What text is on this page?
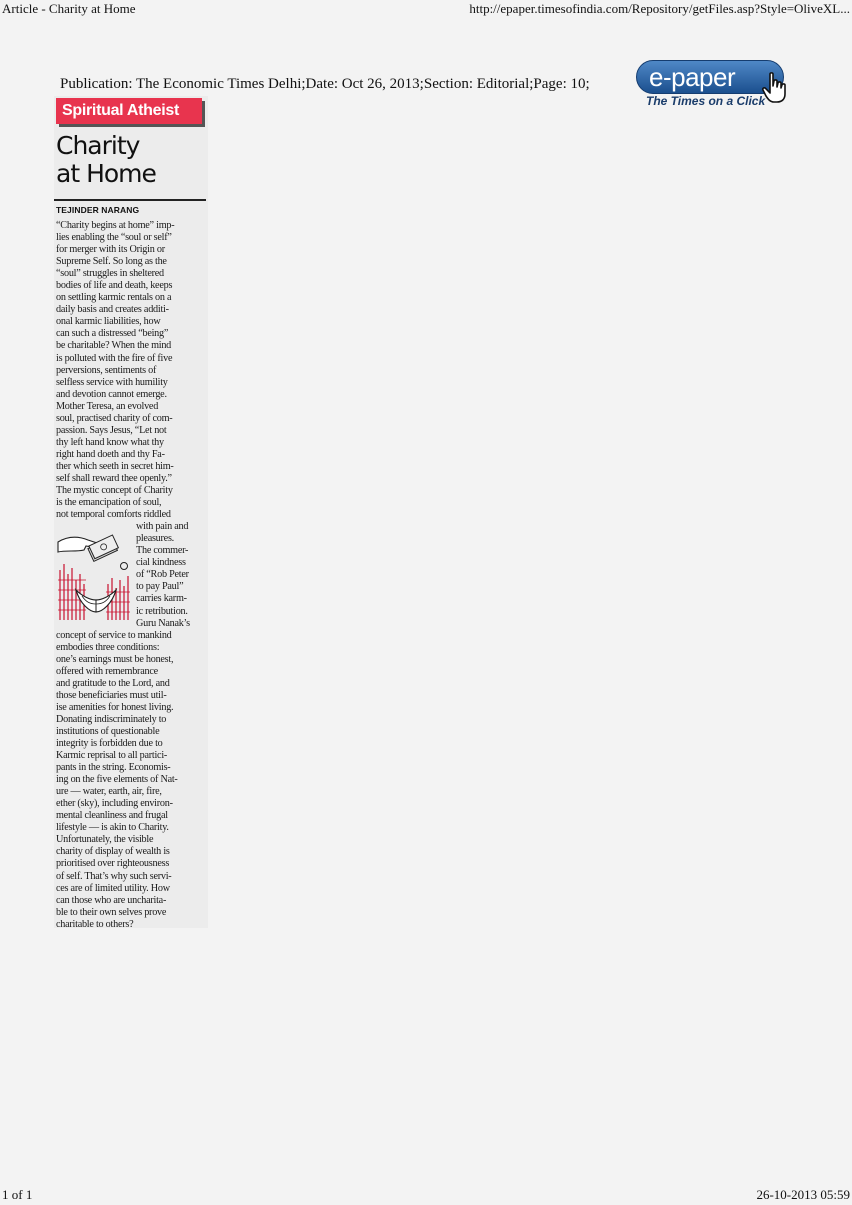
Article - Charity at Home	http://epaper.timesofindia.com/Repository/getFiles.asp?Style=OliveXL...
Publication: The Economic Times Delhi;Date: Oct 26, 2013;Section: Editorial;Page: 10;	e-paper
The Times on a Click
Spiritual Atheist
Charity
at Home
TEJINDER NARANG
“Charity begins at home” imp-
lies enabling the “soul or self”
for merger with its Origin or
Supreme Self. So long as the
“soul” struggles in sheltered
bodies of life and death, keeps
on settling karmic rentals on a
daily basis and creates additi-
onal karmic liabilities, how
can such a distressed “being”
be charitable? When the mind
is polluted with the fire of five
perversions, sentiments of
selfless service with humility
and devotion cannot emerge.
Mother Teresa, an evolved
soul, practised charity of com-
passion. Says Jesus, “Let not
thy left hand know what thy
right hand doeth and thy Fa-
ther which seeth in secret him-
self shall reward thee openly.”
The mystic concept of Charity
is the emancipation of soul,
not temporal comforts riddled
with pain and
pleasures.
The commer-
cial kindness
of “Rob Peter
to pay Paul”
carries karm-
ic retribution.
Guru Nanak’s
concept of service to mankind
embodies three conditions:
one’s earnings must be honest,
offered with remembrance
and gratitude to the Lord, and
those beneficiaries must util-
ise amenities for honest living.
Donating indiscriminately to
institutions of questionable
integrity is forbidden due to
Karmic reprisal to all partici-
pants in the string. Economis-
ing on the five elements of Nat-
ure — water, earth, air, fire,
ether (sky), including environ-
mental cleanliness and frugal
lifestyle — is akin to Charity.
Unfortunately, the visible
charity of display of wealth is
prioritised over righteousness
of self. That’s why such servi-
ces are of limited utility. How
can those who are uncharita-
ble to their own selves prove
charitable to others?
1 of 1	26-10-2013 05:59
